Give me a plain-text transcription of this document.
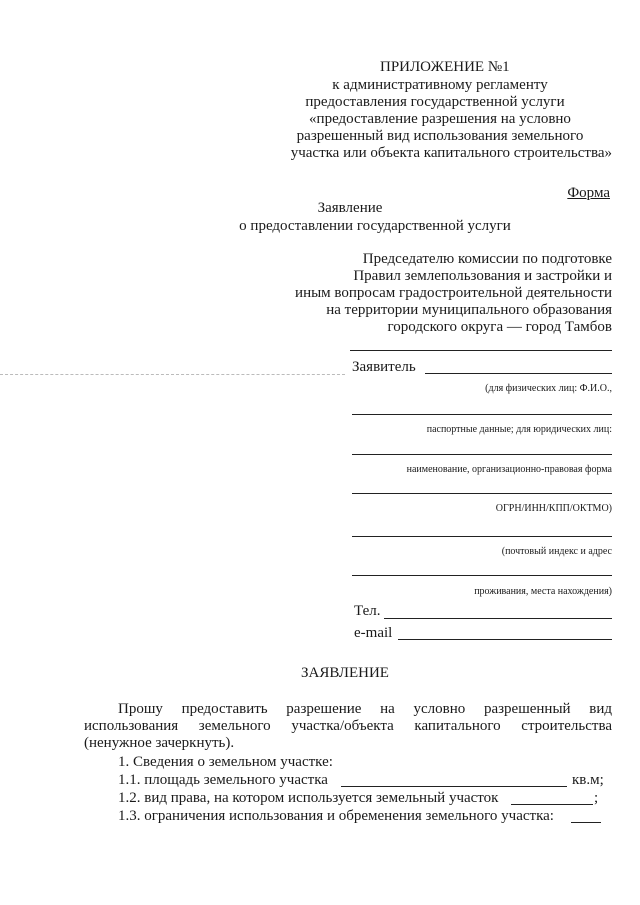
ПРИЛОЖЕНИЕ №1
к административному регламенту
предоставления государственной услуги
«предоставление разрешения на условно
разрешенный вид использования земельного
участка или объекта капитального строительства»
Форма
Заявление
о предоставлении государственной услуги
Председателю комиссии по подготовке
Правил землепользования и застройки и
иным вопросам градостроительной деятельности
на территории муниципального образования
городского округа — город Тамбов
Заявитель
(для физических лиц: Ф.И.О.,
паспортные данные; для юридических лиц:
наименование, организационно-правовая форма
ОГРН/ИНН/КПП/ОКТМО)
(почтовый индекс и адрес
проживания, места нахождения)
Тел.
e-mail
ЗАЯВЛЕНИЕ
Прошу предоставить разрешение на условно разрешенный вид
использования земельного участка/объекта капитального строительства
(ненужное зачеркнуть).
1. Сведения о земельном участке:
1.1. площадь земельного участка	кв.м;
1.2. вид права, на котором используется земельный участок	;
1.3. ограничения использования и обременения земельного участка:
